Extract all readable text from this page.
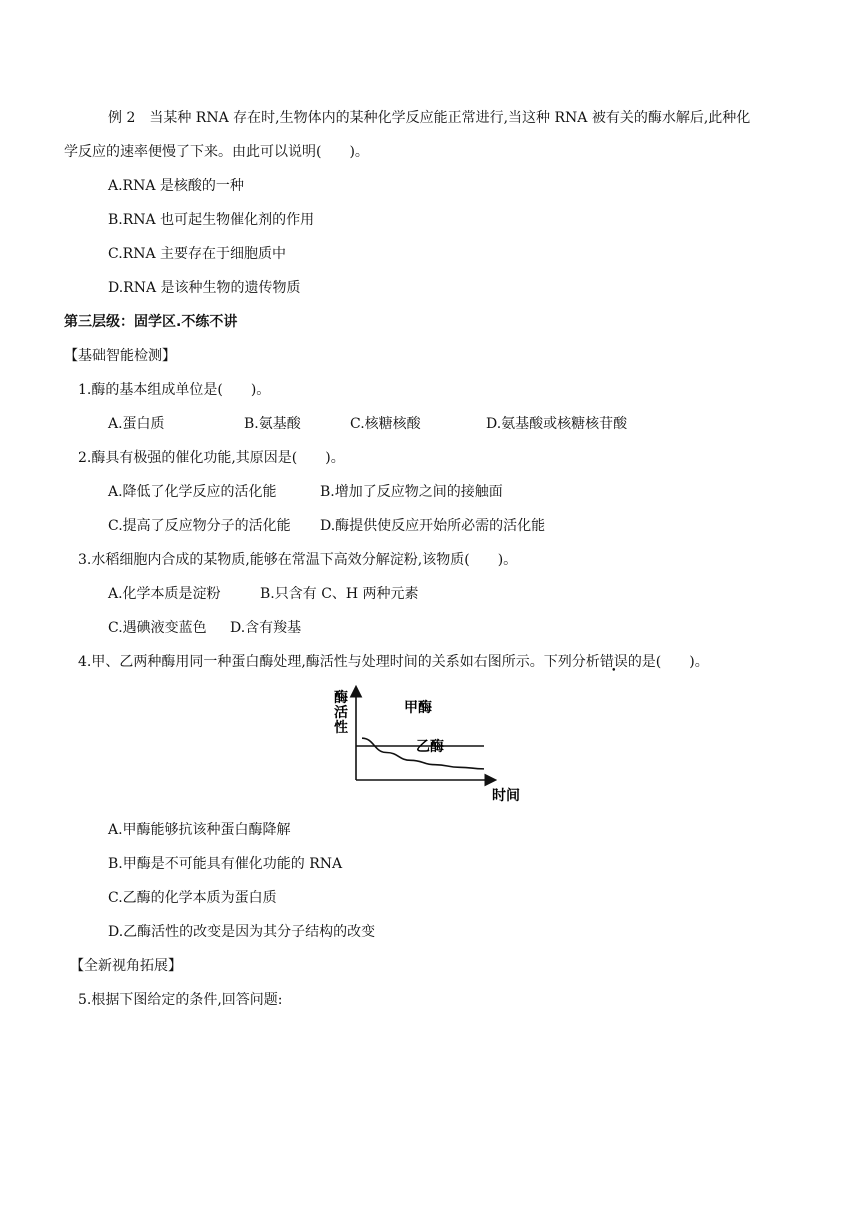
例 2　当某种 RNA 存在时,生物体内的某种化学反应能正常进行,当这种 RNA 被有关的酶水解后,此种化
学反应的速率便慢了下来。由此可以说明(　　)。
A.RNA 是核酸的一种
B.RNA 也可起生物催化剂的作用
C.RNA 主要存在于细胞质中
D.RNA 是该种生物的遗传物质
第三层级：固学区.不练不讲
【基础智能检测】
1.酶的基本组成单位是(　　)。
A.蛋白质	B.氨基酸	C.核糖核酸	D.氨基酸或核糖核苷酸
2.酶具有极强的催化功能,其原因是(　　)。
A.降低了化学反应的活化能	B.增加了反应物之间的接触面
C.提高了反应物分子的活化能 D.酶提供使反应开始所必需的活化能
3.水稻细胞内合成的某物质,能够在常温下高效分解淀粉,该物质(　　)。
A.化学本质是淀粉	B.只含有 C、H 两种元素
C.遇碘液变蓝色 D.含有羧基
4.甲、乙两种酶用同一种蛋白酶处理,酶活性与处理时间的关系如右图所示。下列分析错误的是(　　)。
酶
活
性
时间
甲酶
乙酶
A.甲酶能够抗该种蛋白酶降解
B.甲酶是不可能具有催化功能的 RNA
C.乙酶的化学本质为蛋白质
D.乙酶活性的改变是因为其分子结构的改变
【全新视角拓展】
5.根据下图给定的条件,回答问题:
